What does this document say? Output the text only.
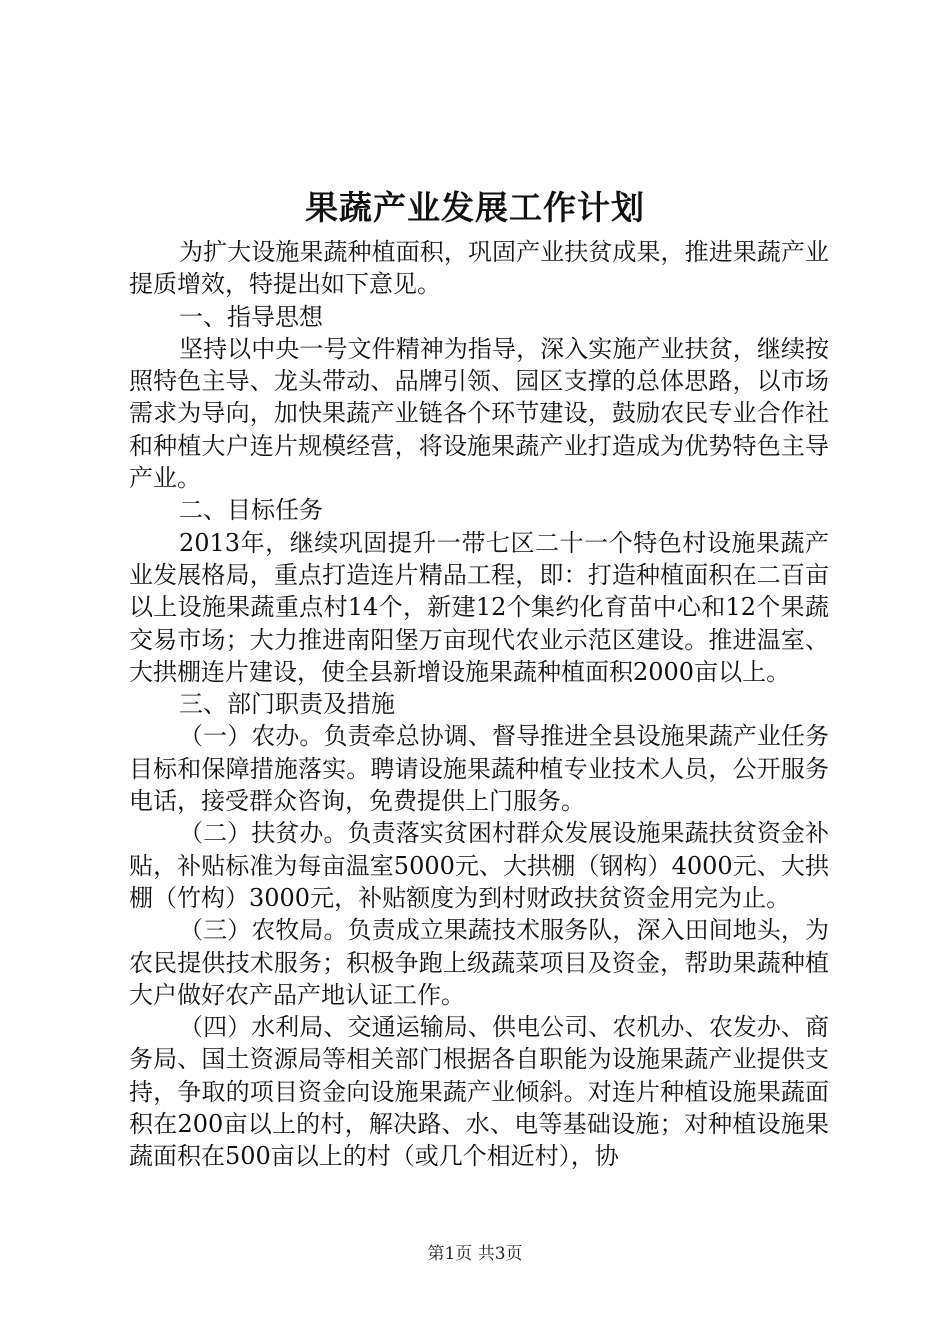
果蔬产业发展工作计划

为扩大设施果蔬种植面积，巩固产业扶贫成果，推进果蔬产业提质增效，特提出如下意见。

一、指导思想

坚持以中央一号文件精神为指导，深入实施产业扶贫，继续按照特色主导、龙头带动、品牌引领、园区支撑的总体思路，以市场需求为导向，加快果蔬产业链各个环节建设，鼓励农民专业合作社和种植大户连片规模经营，将设施果蔬产业打造成为优势特色主导产业。

二、目标任务

2013年，继续巩固提升一带七区二十一个特色村设施果蔬产业发展格局，重点打造连片精品工程，即：打造种植面积在二百亩以上设施果蔬重点村14个，新建12个集约化育苗中心和12个果蔬交易市场；大力推进南阳堡万亩现代农业示范区建设。推进温室、大拱棚连片建设，使全县新增设施果蔬种植面积2000亩以上。

三、部门职责及措施

（一）农办。负责牵总协调、督导推进全县设施果蔬产业任务目标和保障措施落实。聘请设施果蔬种植专业技术人员，公开服务电话，接受群众咨询，免费提供上门服务。

（二）扶贫办。负责落实贫困村群众发展设施果蔬扶贫资金补贴，补贴标准为每亩温室5000元、大拱棚（钢构）4000元、大拱棚（竹构）3000元，补贴额度为到村财政扶贫资金用完为止。

（三）农牧局。负责成立果蔬技术服务队，深入田间地头，为农民提供技术服务；积极争跑上级蔬菜项目及资金，帮助果蔬种植大户做好农产品产地认证工作。

（四）水利局、交通运输局、供电公司、农机办、农发办、商务局、国土资源局等相关部门根据各自职能为设施果蔬产业提供支持，争取的项目资金向设施果蔬产业倾斜。对连片种植设施果蔬面积在200亩以上的村，解决路、水、电等基础设施；对种植设施果蔬面积在500亩以上的村（或几个相近村），协

第1页 共3页
